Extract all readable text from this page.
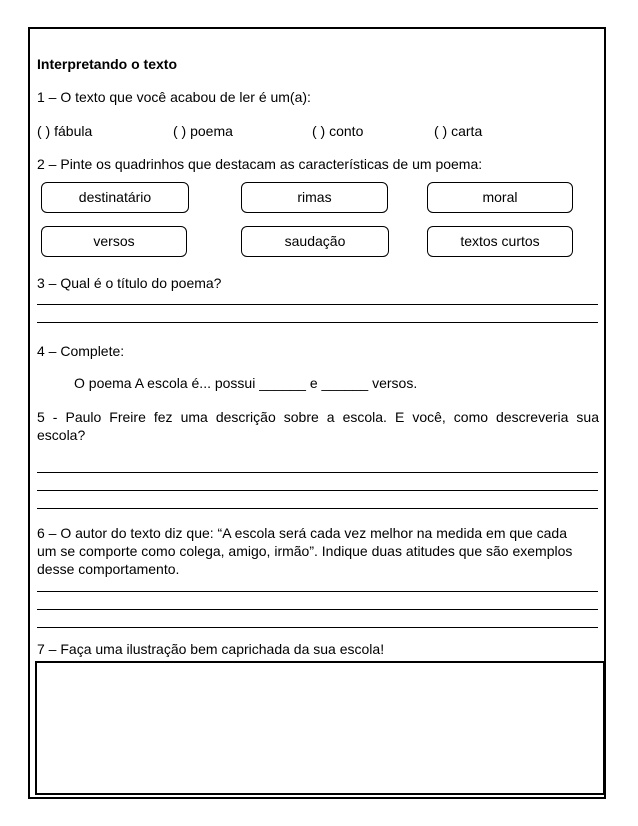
Interpretando o texto
1 – O texto que você acabou de ler é um(a):
( ) fábula	( ) poema	( ) conto	( ) carta
2 – Pinte os quadrinhos que destacam as características de um poema:
destinatário	rimas	moral
versos	saudação	textos curtos
3 – Qual é o título do poema?
4 – Complete:
O poema A escola é... possui ______ e ______ versos.
5 - Paulo Freire fez uma descrição sobre a escola. E você, como descreveria sua
escola?
6 – O autor do texto diz que: “A escola será cada vez melhor na medida em que cada
um se comporte como colega, amigo, irmão”. Indique duas atitudes que são exemplos
desse comportamento.
7 – Faça uma ilustração bem caprichada da sua escola!
